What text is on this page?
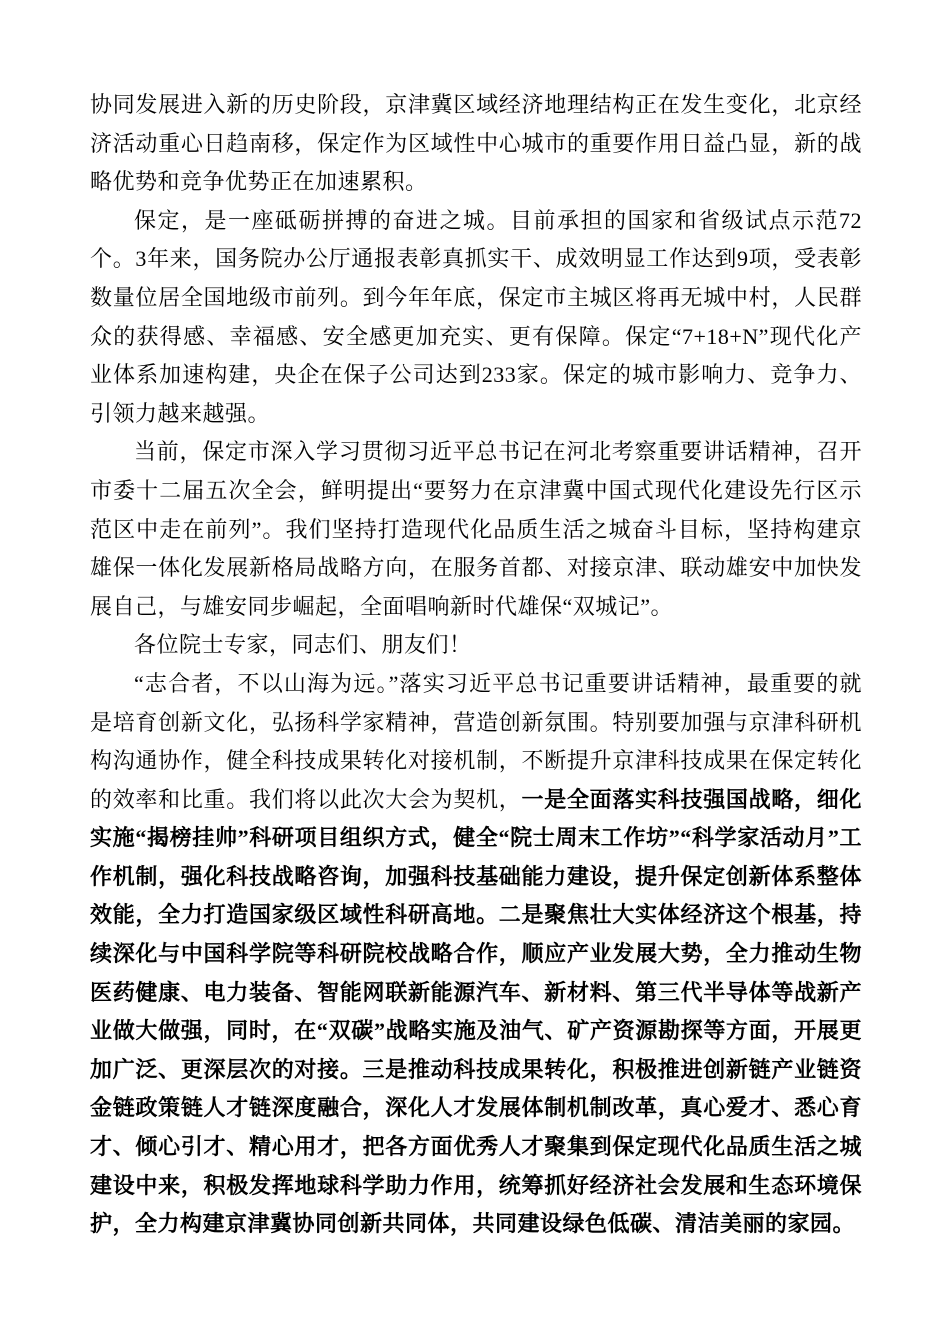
协同发展进入新的历史阶段，京津冀区域经济地理结构正在发生变化，北京经济活动重心日趋南移，保定作为区域性中心城市的重要作用日益凸显，新的战略优势和竞争优势正在加速累积。

保定，是一座砥砺拼搏的奋进之城。目前承担的国家和省级试点示范72个。3年来，国务院办公厅通报表彰真抓实干、成效明显工作达到9项，受表彰数量位居全国地级市前列。到今年年底，保定市主城区将再无城中村，人民群众的获得感、幸福感、安全感更加充实、更有保障。保定“7+18+N”现代化产业体系加速构建，央企在保子公司达到233家。保定的城市影响力、竞争力、引领力越来越强。

当前，保定市深入学习贯彻习近平总书记在河北考察重要讲话精神，召开市委十二届五次全会，鲜明提出“要努力在京津冀中国式现代化建设先行区示范区中走在前列”。我们坚持打造现代化品质生活之城奋斗目标，坚持构建京雄保一体化发展新格局战略方向，在服务首都、对接京津、联动雄安中加快发展自己，与雄安同步崛起，全面唱响新时代雄保“双城记”。

各位院士专家，同志们、朋友们！

“志合者，不以山海为远。”落实习近平总书记重要讲话精神，最重要的就是培育创新文化，弘扬科学家精神，营造创新氛围。特别要加强与京津科研机构沟通协作，健全科技成果转化对接机制，不断提升京津科技成果在保定转化的效率和比重。我们将以此次大会为契机，一是全面落实科技强国战略，细化实施“揭榜挂帅”科研项目组织方式，健全“院士周末工作坊”“科学家活动月”工作机制，强化科技战略咨询，加强科技基础能力建设，提升保定创新体系整体效能，全力打造国家级区域性科研高地。二是聚焦壮大实体经济这个根基，持续深化与中国科学院等科研院校战略合作，顺应产业发展大势，全力推动生物医药健康、电力装备、智能网联新能源汽车、新材料、第三代半导体等战新产业做大做强，同时，在“双碳”战略实施及油气、矿产资源勘探等方面，开展更加广泛、更深层次的对接。三是推动科技成果转化，积极推进创新链产业链资金链政策链人才链深度融合，深化人才发展体制机制改革，真心爱才、悉心育才、倾心引才、精心用才，把各方面优秀人才聚集到保定现代化品质生活之城建设中来，积极发挥地球科学助力作用，统筹抓好经济社会发展和生态环境保护，全力构建京津冀协同创新共同体，共同建设绿色低碳、清洁美丽的家园。
